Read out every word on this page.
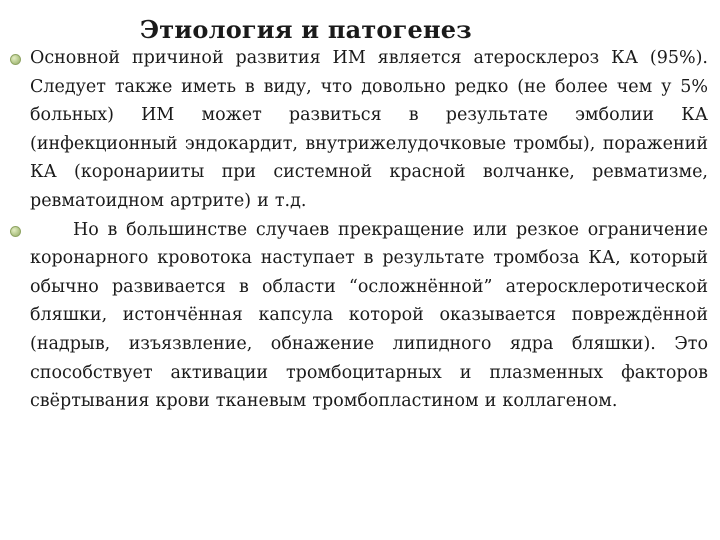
Этиология и патогенез

Основной причиной развития ИМ является атеросклероз КА (95%). Следует также иметь в виду, что довольно редко (не более чем у 5% больных) ИМ может развиться в результате эмболии КА (инфекционный эндокардит, внутрижелудочковые тромбы), поражений КА (коронарииты при системной красной волчанке, ревматизме, ревматоидном артрите) и т.д.

Но в большинстве случаев прекращение или резкое ограничение коронарного кровотока наступает в результате тромбоза КА, который обычно развивается в области “осложнённой” атеросклеротической бляшки, истончённая капсула которой оказывается повреждённой (надрыв, изъязвление, обнажение липидного ядра бляшки). Это способствует активации тромбоцитарных и плазменных факторов свёртывания крови тканевым тромбопластином и коллагеном.
